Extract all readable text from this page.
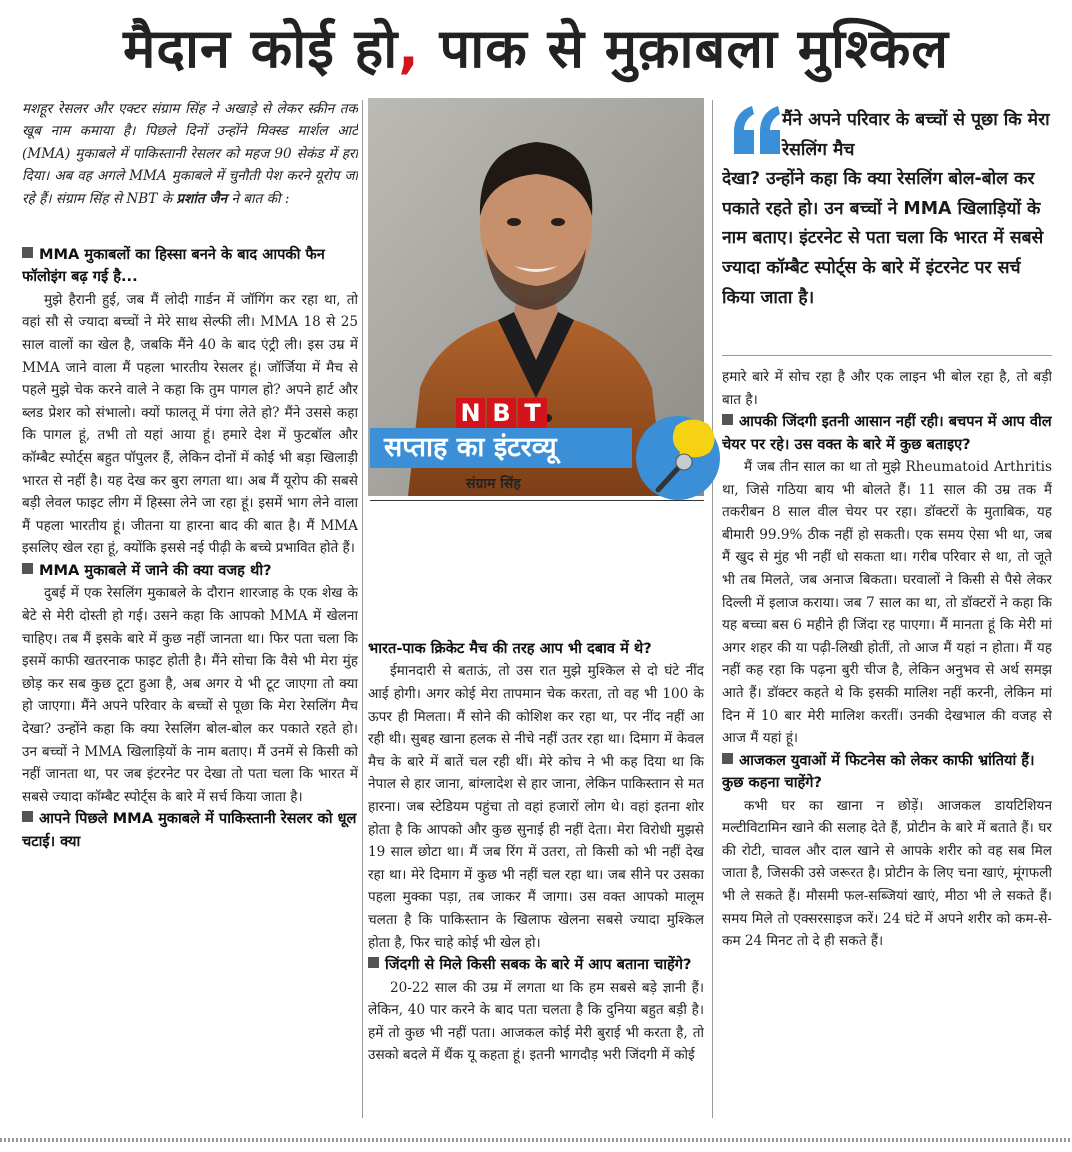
मैदान कोई हो, पाक से मुक़ाबला मुश्किल

मशहूर रेसलर और एक्टर संग्राम सिंह ने अखाड़े से लेकर स्क्रीन तक खूब नाम कमाया है। पिछले दिनों उन्होंने मिक्स्ड मार्शल आर्ट (MMA) मुकाबले में पाकिस्तानी रेसलर को महज 90 सेकंड में हरा दिया। अब वह अगले MMA मुकाबले में चुनौती पेश करने यूरोप जा रहे हैं। संग्राम सिंह से NBT के प्रशांत जैन ने बात की :

MMA मुकाबलों का हिस्सा बनने के बाद आपकी फैन फॉलोइंग बढ़ गई है...

मुझे हैरानी हुई, जब मैं लोदी गार्डन में जॉगिंग कर रहा था, तो वहां सौ से ज्यादा बच्चों ने मेरे साथ सेल्फी ली। MMA 18 से 25 साल वालों का खेल है, जबकि मैंने 40 के बाद एंट्री ली। इस उम्र में MMA जाने वाला मैं पहला भारतीय रेसलर हूं। जॉर्जिया में मैच से पहले मुझे चेक करने वाले ने कहा कि तुम पागल हो? अपने हार्ट और ब्लड प्रेशर को संभालो। क्यों फालतू में पंगा लेते हो? मैंने उससे कहा कि पागल हूं, तभी तो यहां आया हूं। हमारे देश में फुटबॉल और कॉम्बैट स्पोर्ट्स बहुत पॉपुलर हैं, लेकिन दोनों में कोई भी बड़ा खिलाड़ी भारत से नहीं है। यह देख कर बुरा लगता था। अब मैं यूरोप की सबसे बड़ी लेवल फाइट लीग में हिस्सा लेने जा रहा हूं। इसमें भाग लेने वाला मैं पहला भारतीय हूं। जीतना या हारना बाद की बात है। मैं MMA इसलिए खेल रहा हूं, क्योंकि इससे नई पीढ़ी के बच्चे प्रभावित होते हैं।

MMA मुकाबले में जाने की क्या वजह थी?

दुबई में एक रेसलिंग मुकाबले के दौरान शारजाह के एक शेख के बेटे से मेरी दोस्ती हो गई। उसने कहा कि आपको MMA में खेलना चाहिए। तब मैं इसके बारे में कुछ नहीं जानता था। फिर पता चला कि इसमें काफी खतरनाक फाइट होती है। मैंने सोचा कि वैसे भी मेरा मुंह छोड़ कर सब कुछ टूटा हुआ है, अब अगर ये भी टूट जाएगा तो क्या हो जाएगा। मैंने अपने परिवार के बच्चों से पूछा कि मेरा रेसलिंग मैच देखा? उन्होंने कहा कि क्या रेसलिंग बोल-बोल कर पकाते रहते हो। उन बच्चों ने MMA खिलाड़ियों के नाम बताए। मैं उनमें से किसी को नहीं जानता था, पर जब इंटरनेट पर देखा तो पता चला कि भारत में सबसे ज्यादा कॉम्बैट स्पोर्ट्स के बारे में सर्च किया जाता है।

आपने पिछले MMA मुकाबले में पाकिस्तानी रेसलर को धूल चटाई। क्या

भारत-पाक क्रिकेट मैच की तरह आप भी दबाव में थे?

ईमानदारी से बताऊं, तो उस रात मुझे मुश्किल से दो घंटे नींद आई होगी। अगर कोई मेरा तापमान चेक करता, तो वह भी 100 के ऊपर ही मिलता। मैं सोने की कोशिश कर रहा था, पर नींद नहीं आ रही थी। सुबह खाना हलक से नीचे नहीं उतर रहा था। दिमाग में केवल मैच के बारे में बातें चल रही थीं। मेरे कोच ने भी कह दिया था कि नेपाल से हार जाना, बांग्लादेश से हार जाना, लेकिन पाकिस्तान से मत हारना। जब स्टेडियम पहुंचा तो वहां हजारों लोग थे। वहां इतना शोर होता है कि आपको और कुछ सुनाई ही नहीं देता। मेरा विरोधी मुझसे 19 साल छोटा था। मैं जब रिंग में उतरा, तो किसी को भी नहीं देख रहा था। मेरे दिमाग में कुछ भी नहीं चल रहा था। जब सीने पर उसका पहला मुक्का पड़ा, तब जाकर मैं जागा। उस वक्त आपको मालूम चलता है कि पाकिस्तान के खिलाफ खेलना सबसे ज्यादा मुश्किल होता है, फिर चाहे कोई भी खेल हो।

जिंदगी से मिले किसी सबक के बारे में आप बताना चाहेंगे?

20-22 साल की उम्र में लगता था कि हम सबसे बड़े ज्ञानी हैं। लेकिन, 40 पार करने के बाद पता चलता है कि दुनिया बहुत बड़ी है। हमें तो कुछ भी नहीं पता। आजकल कोई मेरी बुराई भी करता है, तो उसको बदले में थैंक यू कहता हूं। इतनी भागदौड़ भरी जिंदगी में कोई

N B T
सप्ताह का इंटरव्यू
संग्राम सिंह

मैंने अपने परिवार के बच्चों से पूछा कि मेरा रेसलिंग मैच
देखा? उन्होंने कहा कि क्या रेसलिंग बोल-बोल कर पकाते रहते हो। उन बच्चों ने MMA खिलाड़ियों के नाम बताए। इंटरनेट से पता चला कि भारत में सबसे ज्यादा कॉम्बैट स्पोर्ट्स के बारे में इंटरनेट पर सर्च किया जाता है।

हमारे बारे में सोच रहा है और एक लाइन भी बोल रहा है, तो बड़ी बात है।

आपकी जिंदगी इतनी आसान नहीं रही। बचपन में आप वील चेयर पर रहे। उस वक्त के बारे में कुछ बताइए?

मैं जब तीन साल का था तो मुझे Rheumatoid Arthritis था, जिसे गठिया बाय भी बोलते हैं। 11 साल की उम्र तक मैं तकरीबन 8 साल वील चेयर पर रहा। डॉक्टरों के मुताबिक, यह बीमारी 99.9% ठीक नहीं हो सकती। एक समय ऐसा भी था, जब मैं खुद से मुंह भी नहीं धो सकता था। गरीब परिवार से था, तो जूते भी तब मिलते, जब अनाज बिकता। घरवालों ने किसी से पैसे लेकर दिल्ली में इलाज कराया। जब 7 साल का था, तो डॉक्टरों ने कहा कि यह बच्चा बस 6 महीने ही जिंदा रह पाएगा। मैं मानता हूं कि मेरी मां अगर शहर की या पढ़ी-लिखी होतीं, तो आज मैं यहां न होता। मैं यह नहीं कह रहा कि पढ़ना बुरी चीज है, लेकिन अनुभव से अर्थ समझ आते हैं। डॉक्टर कहते थे कि इसकी मालिश नहीं करनी, लेकिन मां दिन में 10 बार मेरी मालिश करतीं। उनकी देखभाल की वजह से आज मैं यहां हूं।

आजकल युवाओं में फिटनेस को लेकर काफी भ्रांतियां हैं। कुछ कहना चाहेंगे?

कभी घर का खाना न छोड़ें। आजकल डायटिशियन मल्टीविटामिन खाने की सलाह देते हैं, प्रोटीन के बारे में बताते हैं। घर की रोटी, चावल और दाल खाने से आपके शरीर को वह सब मिल जाता है, जिसकी उसे जरूरत है। प्रोटीन के लिए चना खाएं, मूंगफली भी ले सकते हैं। मौसमी फल-सब्जियां खाएं, मीठा भी ले सकते हैं। समय मिले तो एक्सरसाइज करें। 24 घंटे में अपने शरीर को कम-से-कम 24 मिनट तो दे ही सकते हैं।
